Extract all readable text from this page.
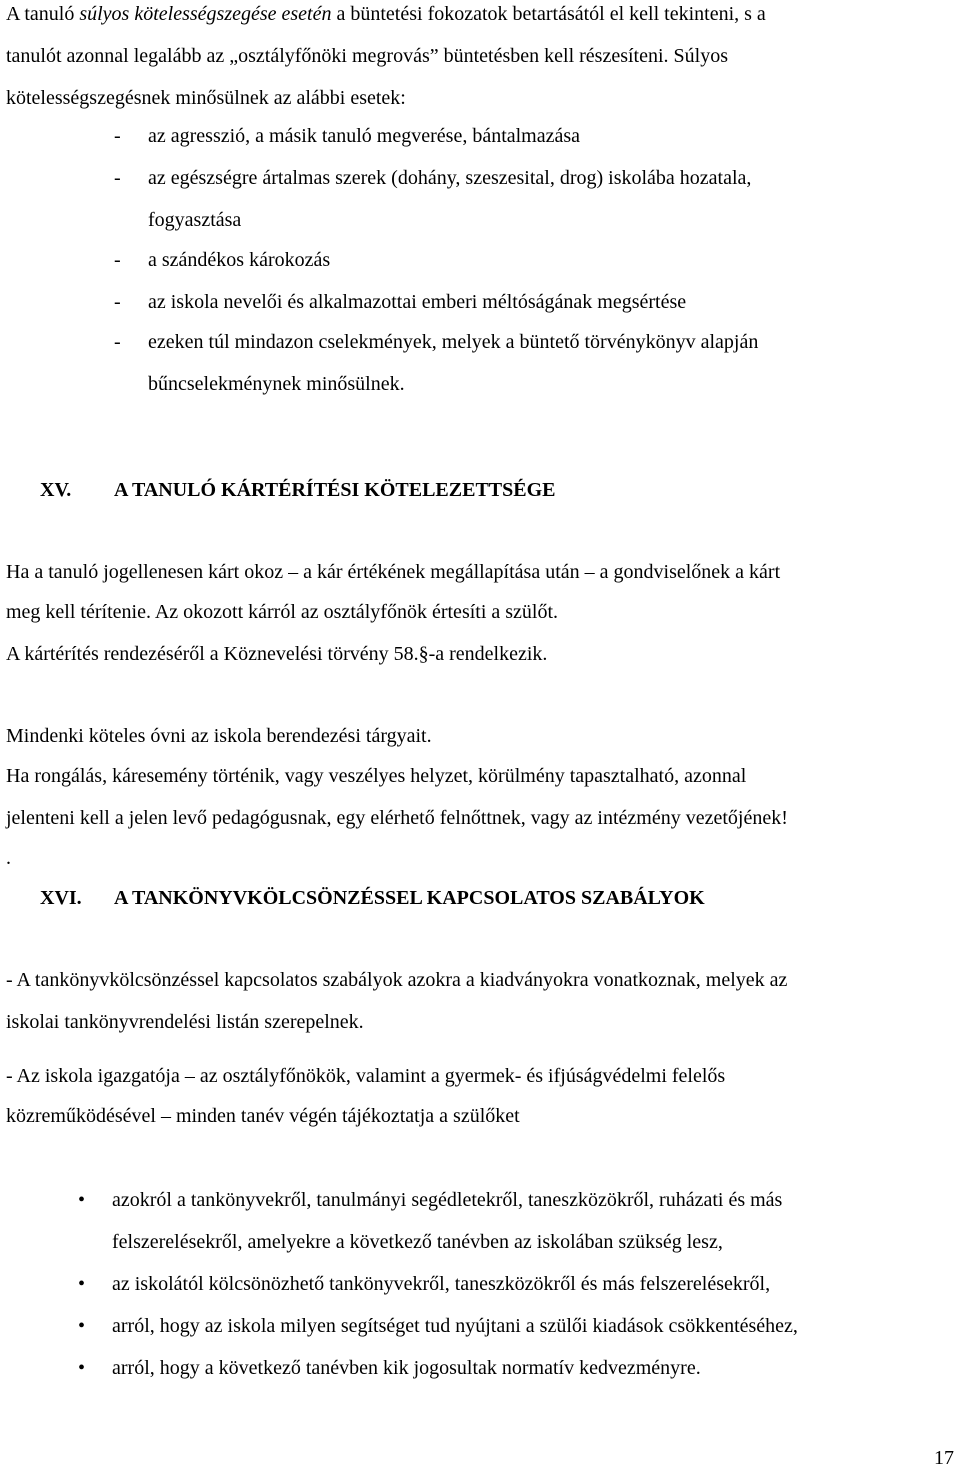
A tanuló súlyos kötelességszegése esetén a büntetési fokozatok betartásától el kell tekinteni, s a
tanulót azonnal legalább az „osztályfőnöki megrovás” büntetésben kell részesíteni. Súlyos
kötelességszegésnek minősülnek az alábbi esetek:
- az agresszió, a másik tanuló megverése, bántalmazása
- az egészségre ártalmas szerek (dohány, szeszesital, drog) iskolába hozatala,
fogyasztása
- a szándékos károkozás
- az iskola nevelői és alkalmazottai emberi méltóságának megsértése
- ezeken túl mindazon cselekmények, melyek a büntető törvénykönyv alapján
bűncselekménynek minősülnek.
XV. A TANULÓ KÁRTÉRÍTÉSI KÖTELEZETTSÉGE
Ha a tanuló jogellenesen kárt okoz – a kár értékének megállapítása után – a gondviselőnek a kárt
meg kell térítenie. Az okozott kárról az osztályfőnök értesíti a szülőt.
A kártérítés rendezéséről a Köznevelési törvény 58.§-a rendelkezik.
Mindenki köteles óvni az iskola berendezési tárgyait.
Ha rongálás, káresemény történik, vagy veszélyes helyzet, körülmény tapasztalható, azonnal
jelenteni kell a jelen levő pedagógusnak, egy elérhető felnőttnek, vagy az intézmény vezetőjének!
.
XVI. A TANKÖNYVKÖLCSÖNZÉSSEL KAPCSOLATOS SZABÁLYOK
- A tankönyvkölcsönzéssel kapcsolatos szabályok azokra a kiadványokra vonatkoznak, melyek az
iskolai tankönyvrendelési listán szerepelnek.
- Az iskola igazgatója – az osztályfőnökök, valamint a gyermek- és ifjúságvédelmi felelős
közreműködésével – minden tanév végén tájékoztatja a szülőket
• azokról a tankönyvekről, tanulmányi segédletekről, taneszközökről, ruházati és más
felszerelésekről, amelyekre a következő tanévben az iskolában szükség lesz,
• az iskolától kölcsönözhető tankönyvekről, taneszközökről és más felszerelésekről,
• arról, hogy az iskola milyen segítséget tud nyújtani a szülői kiadások csökkentéséhez,
• arról, hogy a következő tanévben kik jogosultak normatív kedvezményre.
17
